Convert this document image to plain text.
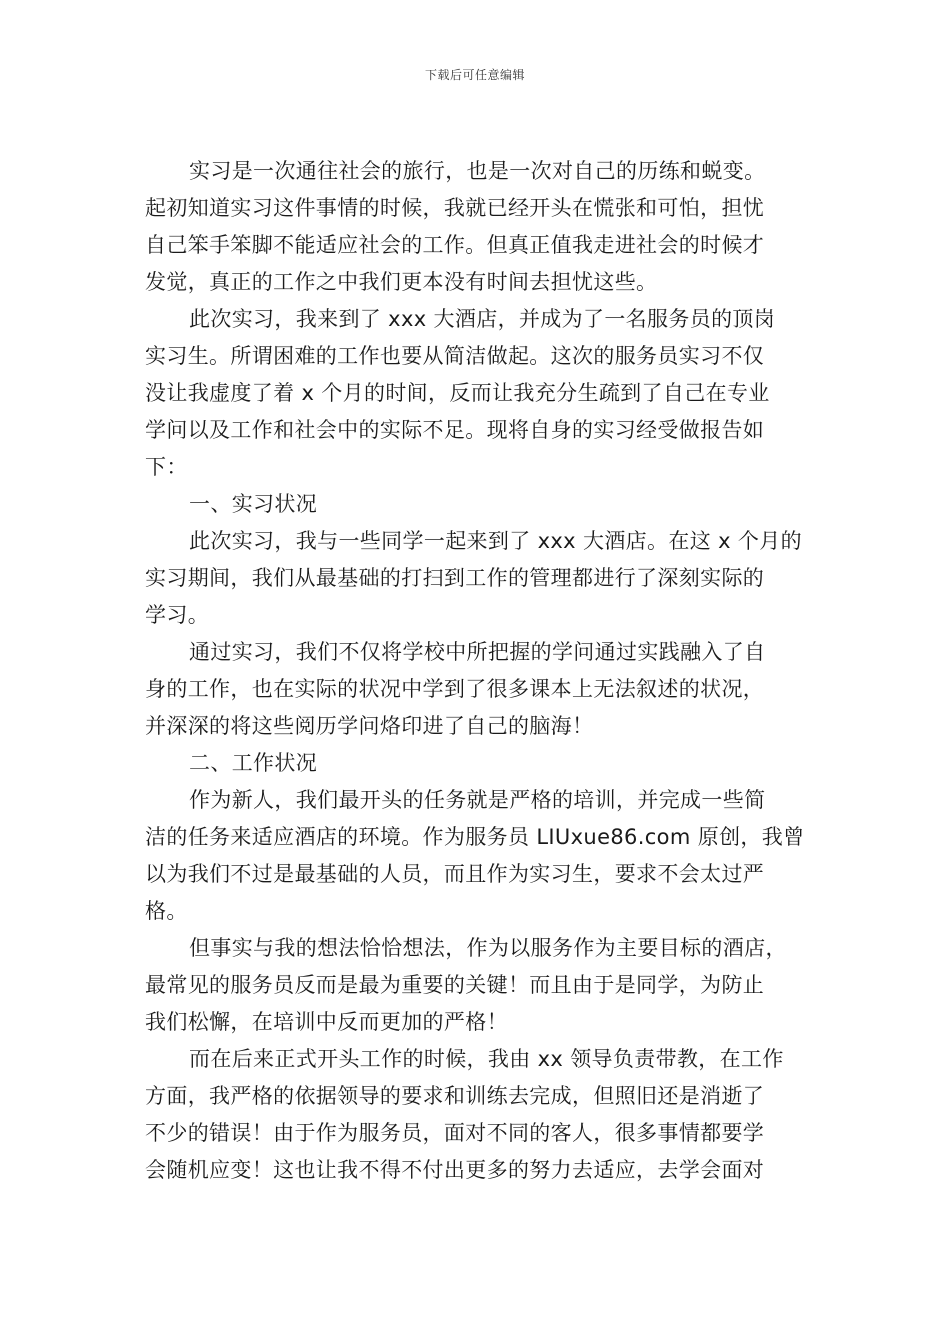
下载后可任意编辑
实习是一次通往社会的旅行，也是一次对自己的历练和蜕变。
起初知道实习这件事情的时候，我就已经开头在慌张和可怕，担忧
自己笨手笨脚不能适应社会的工作。但真正值我走进社会的时候才
发觉，真正的工作之中我们更本没有时间去担忧这些。
此次实习，我来到了 xxx 大酒店，并成为了一名服务员的顶岗
实习生。所谓困难的工作也要从简洁做起。这次的服务员实习不仅
没让我虚度了着 x 个月的时间，反而让我充分生疏到了自己在专业
学问以及工作和社会中的实际不足。现将自身的实习经受做报告如
下：
一、实习状况
此次实习，我与一些同学一起来到了 xxx 大酒店。在这 x 个月的
实习期间，我们从最基础的打扫到工作的管理都进行了深刻实际的
学习。
通过实习，我们不仅将学校中所把握的学问通过实践融入了自
身的工作，也在实际的状况中学到了很多课本上无法叙述的状况，
并深深的将这些阅历学问烙印进了自己的脑海！
二、工作状况
作为新人，我们最开头的任务就是严格的培训，并完成一些简
洁的任务来适应酒店的环境。作为服务员 LIUxue86.com 原创，我曾
以为我们不过是最基础的人员，而且作为实习生，要求不会太过严
格。
但事实与我的想法恰恰想法，作为以服务作为主要目标的酒店，
最常见的服务员反而是最为重要的关键！而且由于是同学，为防止
我们松懈，在培训中反而更加的严格！
而在后来正式开头工作的时候，我由 xx 领导负责带教，在工作
方面，我严格的依据领导的要求和训练去完成，但照旧还是消逝了
不少的错误！由于作为服务员，面对不同的客人，很多事情都要学
会随机应变！这也让我不得不付出更多的努力去适应，去学会面对
